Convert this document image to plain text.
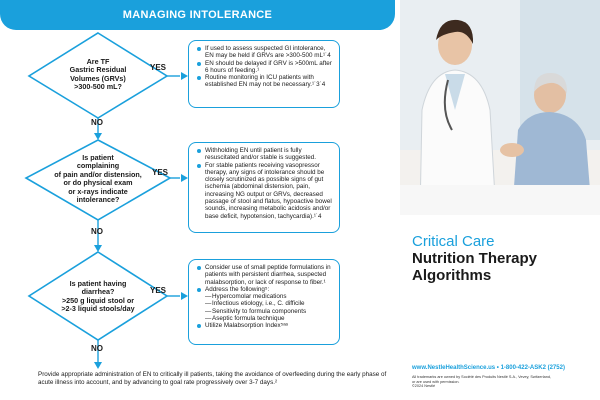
MANAGING INTOLERANCE
Are TF
Gastric Residual
Volumes (GRVs)
>300-500 mL?
Is patient
complaining
of pain and/or distension,
or do physical exam
or x-rays indicate
intolerance?
Is patient having
diarrhea?
>250 g liquid stool or
>2-3 liquid stools/day
YES
YES
YES
NO
NO
NO
If used to assess suspected GI intolerance, EN may be held if GRVs are >300-500 mL¹˙4
EN should be delayed if GRV is >500mL after 6 hours of feeding.¹
Routine monitoring in ICU patients with established EN may not be necessary.¹˙3˙4
Withholding EN until patient is fully resuscitated and/or stable is suggested.
For stable patients receiving vasopressor therapy, any signs of intolerance should be closely scrutinized as possible signs of gut ischemia (abdominal distension, pain, increasing NG output or GRVs, decreased passage of stool and flatus, hypoactive bowel sounds, increasing metabolic acidosis and/or base deficit, hypotension, tachycardia).¹˙4
Consider use of small peptide formulations in patients with persistent diarrhea, suspected malabsorption, or lack of response to fiber.¹
Address the following⁵:
— Hypercomolar medications
— Infectious etiology, i.e., C. difficile
— Sensitivity to formula components
— Aseptic formula technique
Utilize Malabsorption Index⁵ᵃᵃ
Provide appropriate administration of EN to critically ill patients, taking the avoidance of overfeeding during the early phase of acute illness into account, and by advancing to goal rate progressively over 3-7 days.²
Critical Care
Nutrition Therapy
Algorithms
www.NestleHealthScience.us • 1-800-422-ASK2 (2752)
All trademarks are owned by Société des Produits Nestlé S.A., Vevey, Switzerland,
or are used with permission.
©2024 Nestlé
